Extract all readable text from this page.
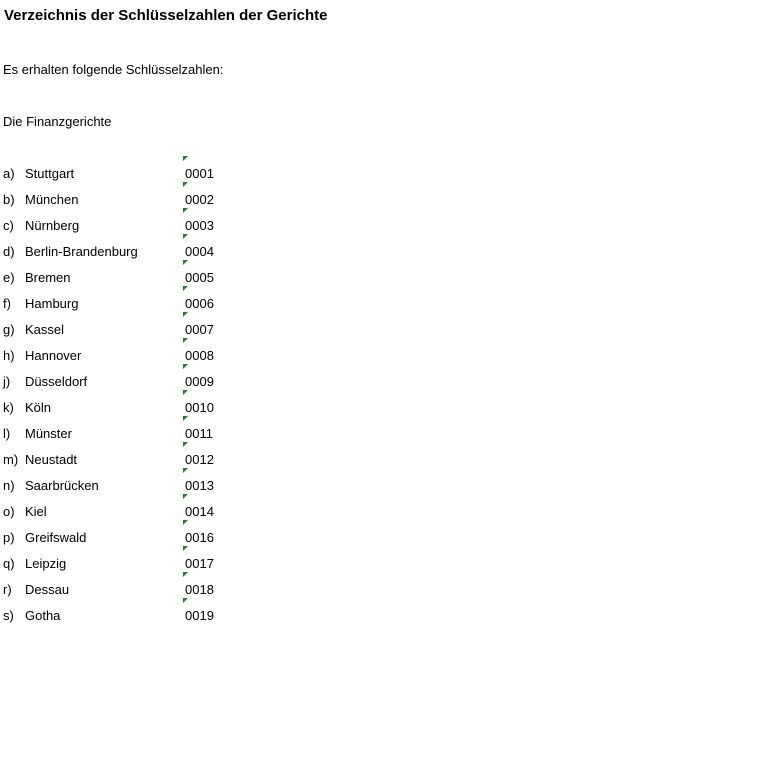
Verzeichnis der Schlüsselzahlen der Gerichte
Es erhalten folgende Schlüsselzahlen:
Die Finanzgerichte
a) Stuttgart	0001
b) München	0002
c) Nürnberg	0003
d) Berlin-Brandenburg	0004
e) Bremen	0005
f) Hamburg	0006
g) Kassel	0007
h) Hannover	0008
j) Düsseldorf	0009
k) Köln	0010
l) Münster	0011
m) Neustadt	0012
n) Saarbrücken	0013
o) Kiel	0014
p) Greifswald	0016
q) Leipzig	0017
r) Dessau	0018
s) Gotha	0019
